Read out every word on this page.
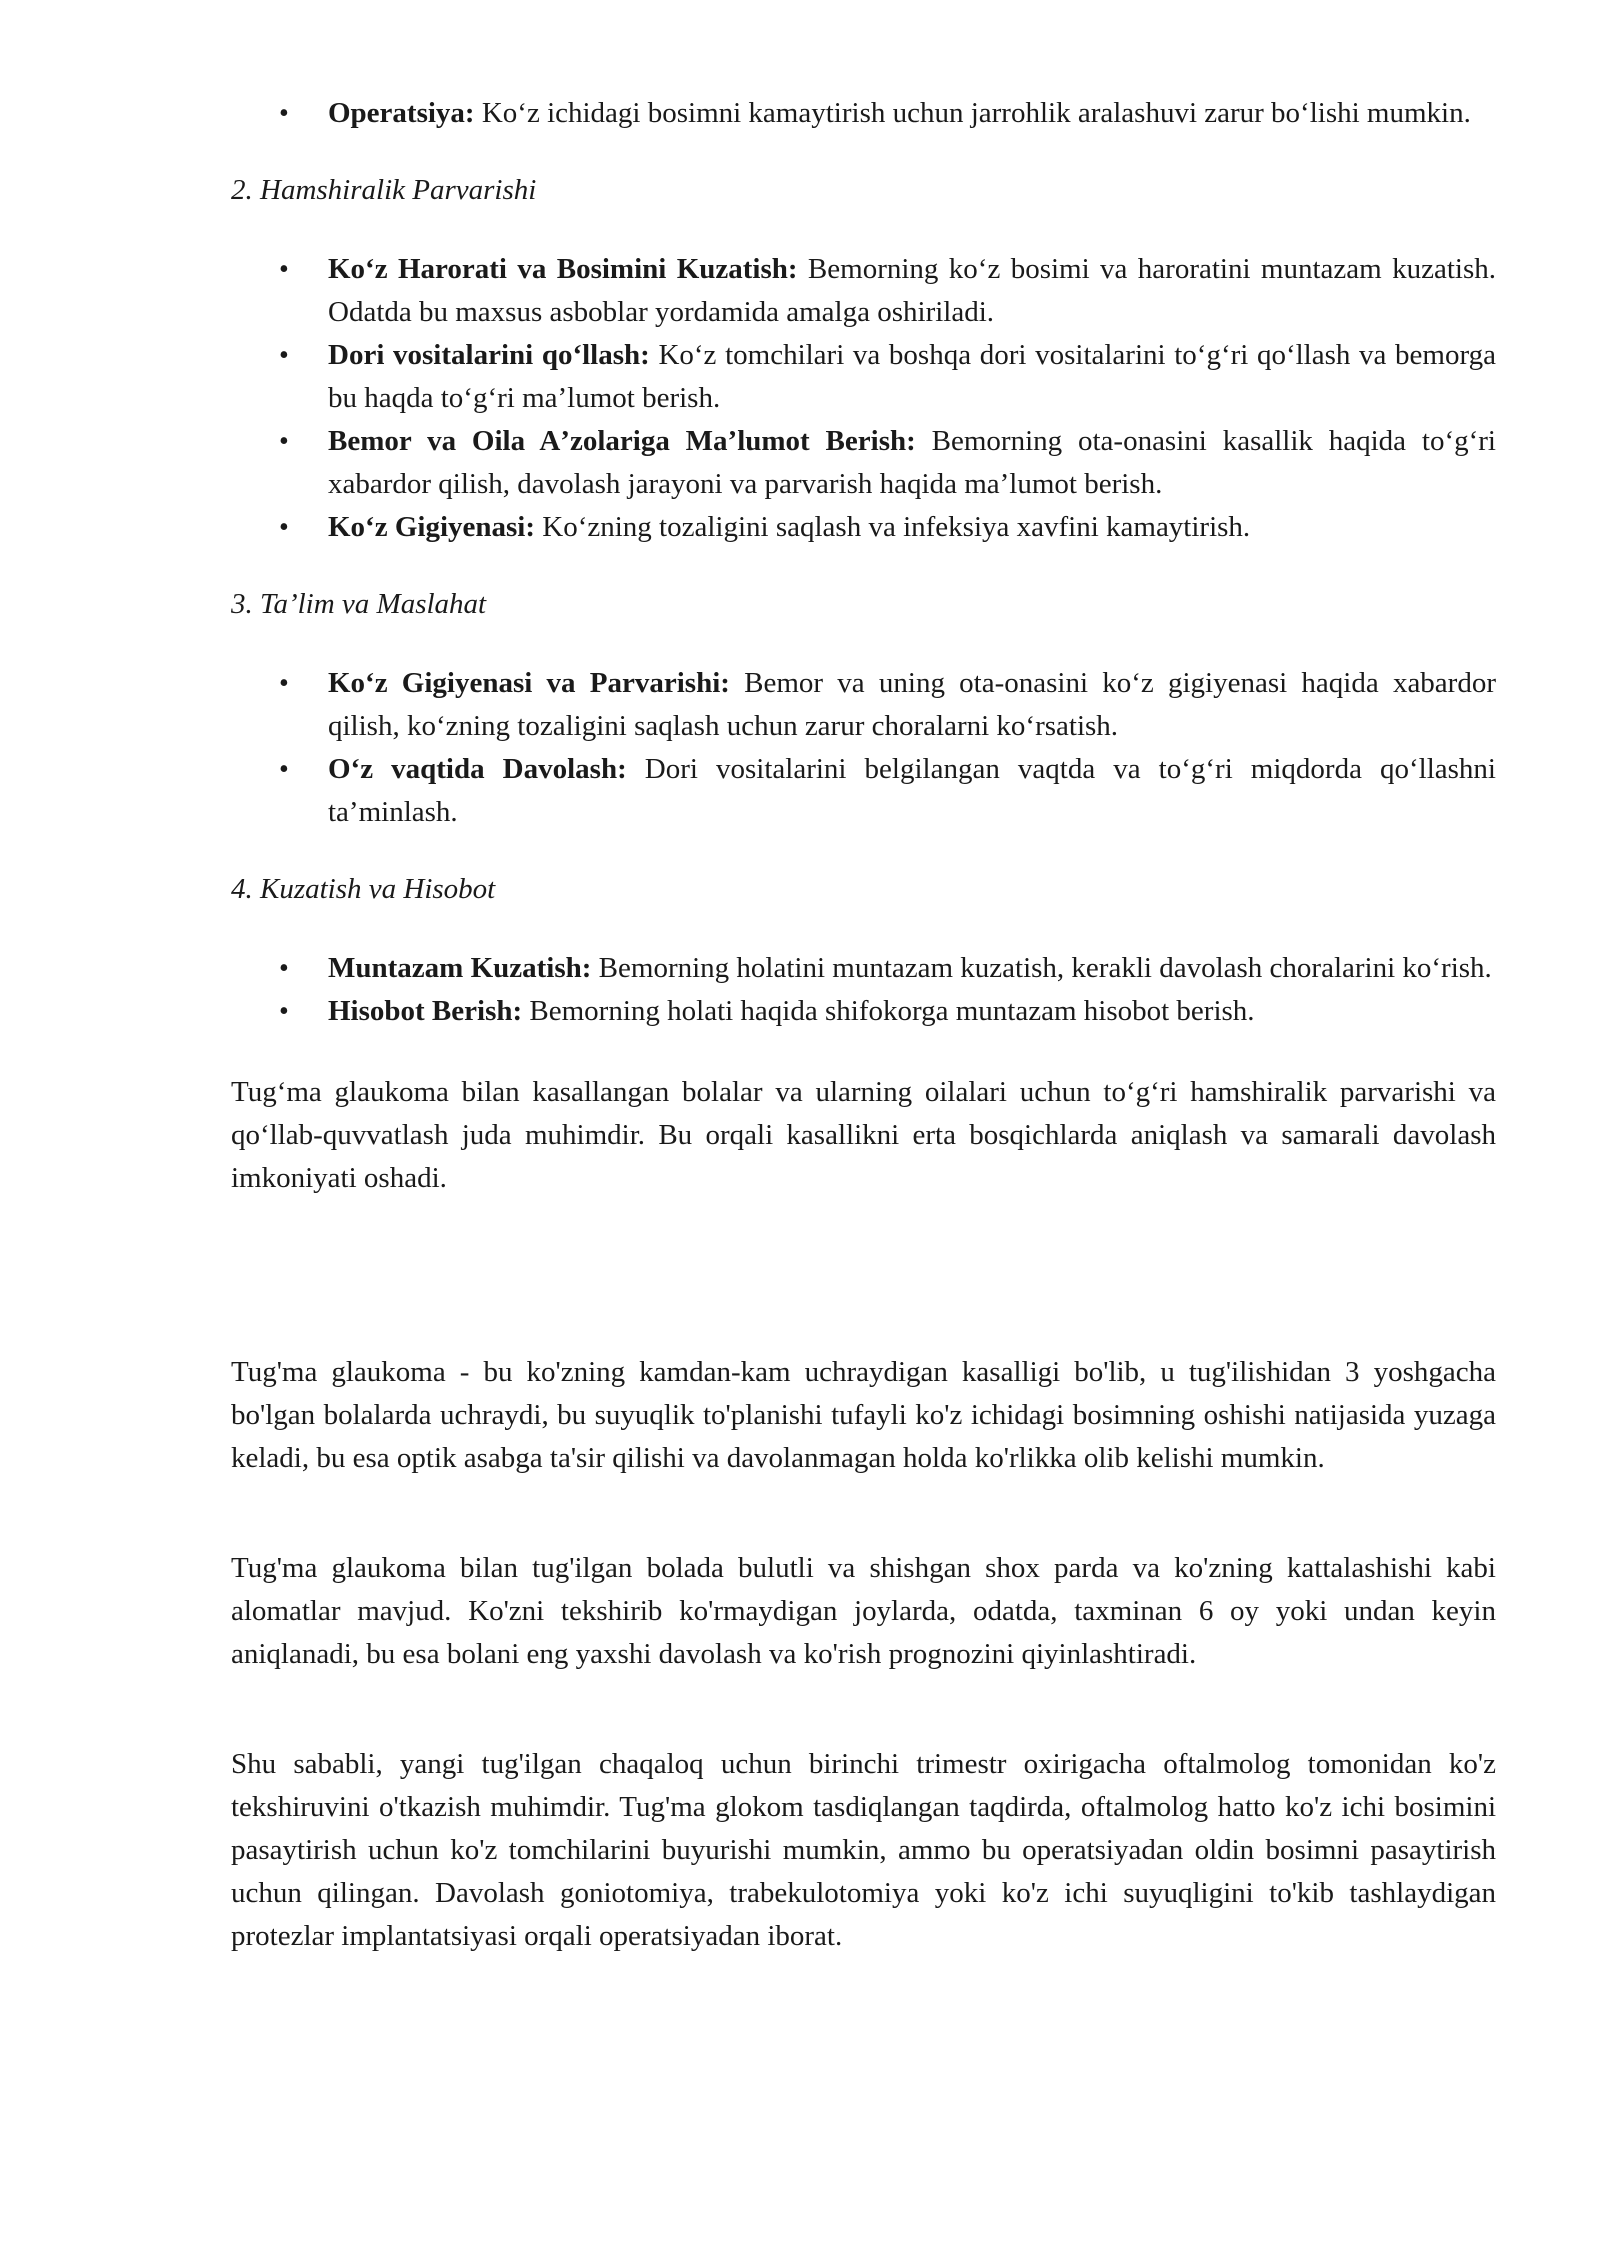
• Operatsiya: Koʻz ichidagi bosimni kamaytirish uchun jarrohlik aralashuvi zarur boʻlishi mumkin.
2. Hamshiralik Parvarishi
• Koʻz Harorati va Bosimini Kuzatish: Bemorning koʻz bosimi va haroratini muntazam kuzatish. Odatda bu maxsus asboblar yordamida amalga oshiriladi.
• Dori vositalarini qoʻllash: Koʻz tomchilari va boshqa dori vositalarini toʻgʻri qoʻllash va bemorga bu haqda toʻgʻri maʼlumot berish.
• Bemor va Oila Aʼzolariga Maʼlumot Berish: Bemorning ota-onasini kasallik haqida toʻgʻri xabardor qilish, davolash jarayoni va parvarish haqida maʼlumot berish.
• Koʻz Gigiyenasi: Koʻzning tozaligini saqlash va infeksiya xavfini kamaytirish.
3. Taʼlim va Maslahat
• Koʻz Gigiyenasi va Parvarishi: Bemor va uning ota-onasini koʻz gigiyenasi haqida xabardor qilish, koʻzning tozaligini saqlash uchun zarur choralarni koʻrsatish.
• Oʻz vaqtida Davolash: Dori vositalarini belgilangan vaqtda va toʻgʻri miqdorda qoʻllashni taʼminlash.
4. Kuzatish va Hisobot
• Muntazam Kuzatish: Bemorning holatini muntazam kuzatish, kerakli davolash choralarini koʻrish.
• Hisobot Berish: Bemorning holati haqida shifokorga muntazam hisobot berish.

Tugʻma glaukoma bilan kasallangan bolalar va ularning oilalari uchun toʻgʻri hamshiralik parvarishi va qoʻllab-quvvatlash juda muhimdir. Bu orqali kasallikni erta bosqichlarda aniqlash va samarali davolash imkoniyati oshadi.

Tug'ma glaukoma - bu ko'zning kamdan-kam uchraydigan kasalligi bo'lib, u tug'ilishidan 3 yoshgacha bo'lgan bolalarda uchraydi, bu suyuqlik to'planishi tufayli ko'z ichidagi bosimning oshishi natijasida yuzaga keladi, bu esa optik asabga ta'sir qilishi va davolanmagan holda ko'rlikka olib kelishi mumkin.

Tug'ma glaukoma bilan tug'ilgan bolada bulutli va shishgan shox parda va ko'zning kattalashishi kabi alomatlar mavjud. Ko'zni tekshirib ko'rmaydigan joylarda, odatda, taxminan 6 oy yoki undan keyin aniqlanadi, bu esa bolani eng yaxshi davolash va ko'rish prognozini qiyinlashtiradi.

Shu sababli, yangi tug'ilgan chaqaloq uchun birinchi trimestr oxirigacha oftalmolog tomonidan ko'z tekshiruvini o'tkazish muhimdir. Tug'ma glokom tasdiqlangan taqdirda, oftalmolog hatto ko'z ichi bosimini pasaytirish uchun ko'z tomchilarini buyurishi mumkin, ammo bu operatsiyadan oldin bosimni pasaytirish uchun qilingan. Davolash goniotomiya, trabekulotomiya yoki ko'z ichi suyuqligini to'kib tashlaydigan protezlar implantatsiyasi orqali operatsiyadan iborat.
